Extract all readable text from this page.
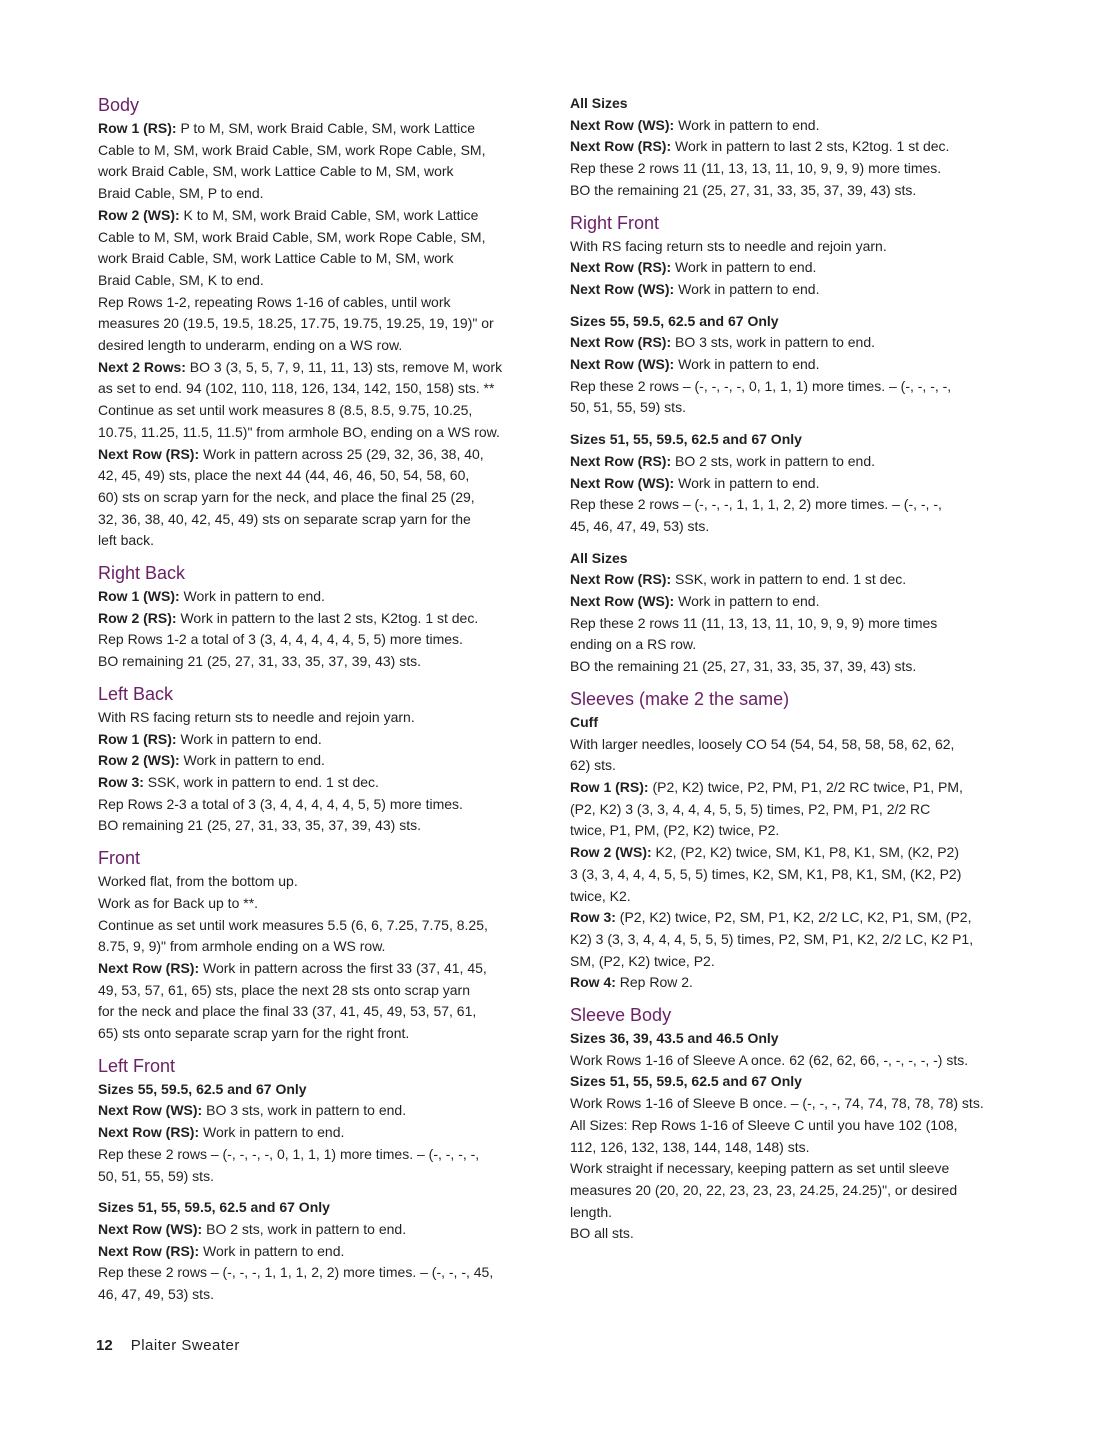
Body
Row 1 (RS): P to M, SM, work Braid Cable, SM, work Lattice
Cable to M, SM, work Braid Cable, SM, work Rope Cable, SM,
work Braid Cable, SM, work Lattice Cable to M, SM, work
Braid Cable, SM, P to end.
Row 2 (WS): K to M, SM, work Braid Cable, SM, work Lattice
Cable to M, SM, work Braid Cable, SM, work Rope Cable, SM,
work Braid Cable, SM, work Lattice Cable to M, SM, work
Braid Cable, SM, K to end.
Rep Rows 1-2, repeating Rows 1-16 of cables, until work
measures 20 (19.5, 19.5, 18.25, 17.75, 19.75, 19.25, 19, 19)" or
desired length to underarm, ending on a WS row.
Next 2 Rows: BO 3 (3, 5, 5, 7, 9, 11, 11, 13) sts, remove M, work
as set to end. 94 (102, 110, 118, 126, 134, 142, 150, 158) sts. **
Continue as set until work measures 8 (8.5, 8.5, 9.75, 10.25,
10.75, 11.25, 11.5, 11.5)" from armhole BO, ending on a WS row.
Next Row (RS): Work in pattern across 25 (29, 32, 36, 38, 40,
42, 45, 49) sts, place the next 44 (44, 46, 46, 50, 54, 58, 60,
60) sts on scrap yarn for the neck, and place the final 25 (29,
32, 36, 38, 40, 42, 45, 49) sts on separate scrap yarn for the
left back.
Right Back
Row 1 (WS): Work in pattern to end.
Row 2 (RS): Work in pattern to the last 2 sts, K2tog. 1 st dec.
Rep Rows 1-2 a total of 3 (3, 4, 4, 4, 4, 4, 5, 5) more times.
BO remaining 21 (25, 27, 31, 33, 35, 37, 39, 43) sts.
Left Back
With RS facing return sts to needle and rejoin yarn.
Row 1 (RS): Work in pattern to end.
Row 2 (WS): Work in pattern to end.
Row 3: SSK, work in pattern to end. 1 st dec.
Rep Rows 2-3 a total of 3 (3, 4, 4, 4, 4, 4, 5, 5) more times.
BO remaining 21 (25, 27, 31, 33, 35, 37, 39, 43) sts.
Front
Worked flat, from the bottom up.
Work as for Back up to **.
Continue as set until work measures 5.5 (6, 6, 7.25, 7.75, 8.25,
8.75, 9, 9)" from armhole ending on a WS row.
Next Row (RS): Work in pattern across the first 33 (37, 41, 45,
49, 53, 57, 61, 65) sts, place the next 28 sts onto scrap yarn
for the neck and place the final 33 (37, 41, 45, 49, 53, 57, 61,
65) sts onto separate scrap yarn for the right front.
Left Front
Sizes 55, 59.5, 62.5 and 67 Only
Next Row (WS): BO 3 sts, work in pattern to end.
Next Row (RS): Work in pattern to end.
Rep these 2 rows – (-, -, -, -, 0, 1, 1, 1) more times. – (-, -, -, -,
50, 51, 55, 59) sts.
Sizes 51, 55, 59.5, 62.5 and 67 Only
Next Row (WS): BO 2 sts, work in pattern to end.
Next Row (RS): Work in pattern to end.
Rep these 2 rows – (-, -, -, 1, 1, 1, 2, 2) more times. – (-, -, -, 45,
46, 47, 49, 53) sts.
All Sizes
Next Row (WS): Work in pattern to end.
Next Row (RS): Work in pattern to last 2 sts, K2tog. 1 st dec.
Rep these 2 rows 11 (11, 13, 13, 11, 10, 9, 9, 9) more times.
BO the remaining 21 (25, 27, 31, 33, 35, 37, 39, 43) sts.
Right Front
With RS facing return sts to needle and rejoin yarn.
Next Row (RS): Work in pattern to end.
Next Row (WS): Work in pattern to end.
Sizes 55, 59.5, 62.5 and 67 Only
Next Row (RS): BO 3 sts, work in pattern to end.
Next Row (WS): Work in pattern to end.
Rep these 2 rows – (-, -, -, -, 0, 1, 1, 1) more times. – (-, -, -, -,
50, 51, 55, 59) sts.
Sizes 51, 55, 59.5, 62.5 and 67 Only
Next Row (RS): BO 2 sts, work in pattern to end.
Next Row (WS): Work in pattern to end.
Rep these 2 rows – (-, -, -, 1, 1, 1, 2, 2) more times. – (-, -, -,
45, 46, 47, 49, 53) sts.
All Sizes
Next Row (RS): SSK, work in pattern to end. 1 st dec.
Next Row (WS): Work in pattern to end.
Rep these 2 rows 11 (11, 13, 13, 11, 10, 9, 9, 9) more times
ending on a RS row.
BO the remaining 21 (25, 27, 31, 33, 35, 37, 39, 43) sts.
Sleeves (make 2 the same)
Cuff
With larger needles, loosely CO 54 (54, 54, 58, 58, 58, 62, 62,
62) sts.
Row 1 (RS): (P2, K2) twice, P2, PM, P1, 2/2 RC twice, P1, PM,
(P2, K2) 3 (3, 3, 4, 4, 4, 5, 5, 5) times, P2, PM, P1, 2/2 RC
twice, P1, PM, (P2, K2) twice, P2.
Row 2 (WS): K2, (P2, K2) twice, SM, K1, P8, K1, SM, (K2, P2)
3 (3, 3, 4, 4, 4, 5, 5, 5) times, K2, SM, K1, P8, K1, SM, (K2, P2)
twice, K2.
Row 3: (P2, K2) twice, P2, SM, P1, K2, 2/2 LC, K2, P1, SM, (P2,
K2) 3 (3, 3, 4, 4, 4, 5, 5, 5) times, P2, SM, P1, K2, 2/2 LC, K2 P1,
SM, (P2, K2) twice, P2.
Row 4: Rep Row 2.
Sleeve Body
Sizes 36, 39, 43.5 and 46.5 Only
Work Rows 1-16 of Sleeve A once. 62 (62, 62, 66, -, -, -, -, -) sts.
Sizes 51, 55, 59.5, 62.5 and 67 Only
Work Rows 1-16 of Sleeve B once. – (-, -, -, 74, 74, 78, 78, 78) sts.
All Sizes: Rep Rows 1-16 of Sleeve C until you have 102 (108,
112, 126, 132, 138, 144, 148, 148) sts.
Work straight if necessary, keeping pattern as set until sleeve
measures 20 (20, 20, 22, 23, 23, 23, 24.25, 24.25)", or desired
length.
BO all sts.
12 Plaiter Sweater
